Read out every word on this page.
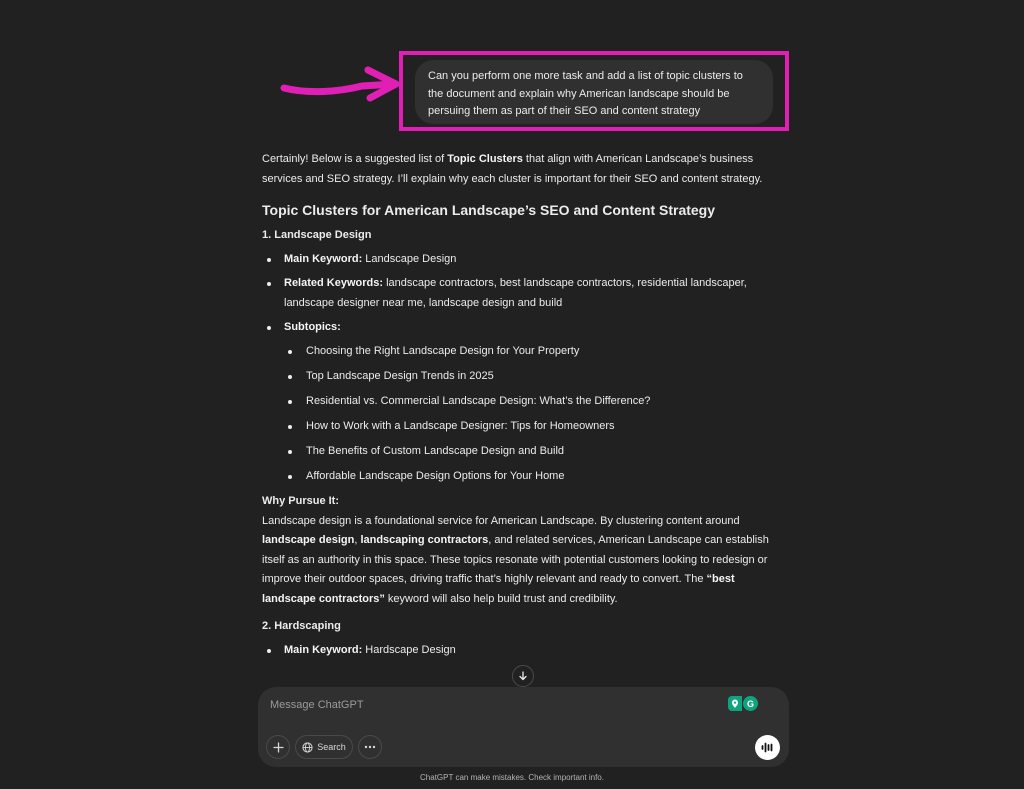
Can you perform one more task and add a list of topic clusters to the document and explain why American landscape should be persuing them as part of their SEO and content strategy

Certainly! Below is a suggested list of Topic Clusters that align with American Landscape’s business services and SEO strategy. I’ll explain why each cluster is important for their SEO and content strategy.

Topic Clusters for American Landscape’s SEO and Content Strategy

1. Landscape Design

Main Keyword: Landscape Design
Related Keywords: landscape contractors, best landscape contractors, residential landscaper, landscape designer near me, landscape design and build
Subtopics:
Choosing the Right Landscape Design for Your Property
Top Landscape Design Trends in 2025
Residential vs. Commercial Landscape Design: What’s the Difference?
How to Work with a Landscape Designer: Tips for Homeowners
The Benefits of Custom Landscape Design and Build
Affordable Landscape Design Options for Your Home

Why Pursue It:

Landscape design is a foundational service for American Landscape. By clustering content around landscape design, landscaping contractors, and related services, American Landscape can establish itself as an authority in this space. These topics resonate with potential customers looking to redesign or improve their outdoor spaces, driving traffic that’s highly relevant and ready to convert. The “best landscape contractors” keyword will also help build trust and credibility.

2. Hardscaping

Main Keyword: Hardscape Design
Message ChatGPT
G
Search
ChatGPT can make mistakes. Check important info.
